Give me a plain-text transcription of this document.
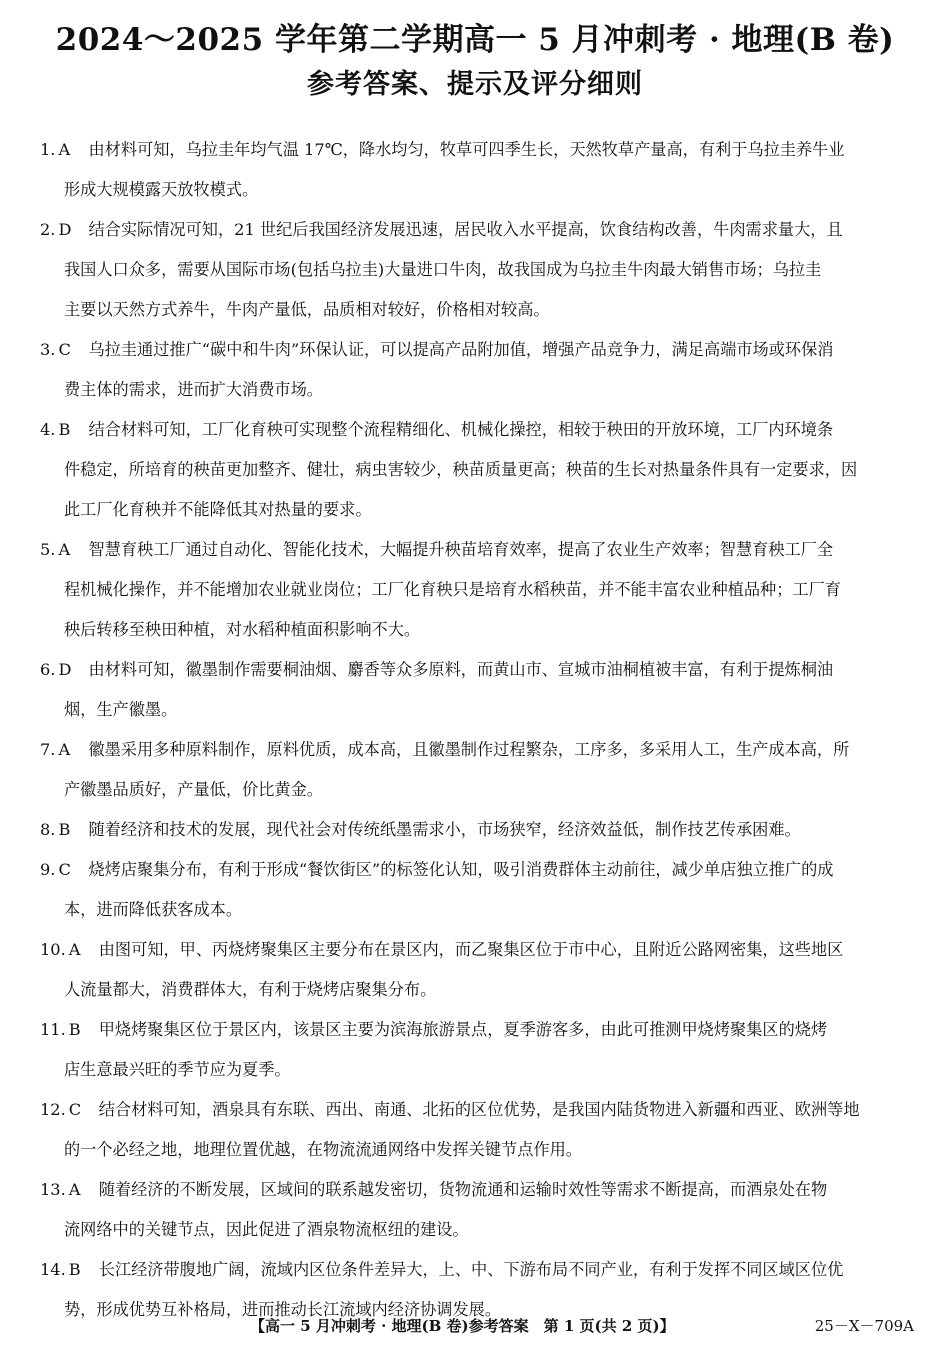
2024～2025 学年第二学期高一 5 月冲刺考 · 地理(B 卷)
参考答案、提示及评分细则
1. A 由材料可知，乌拉圭年均气温 17℃，降水均匀，牧草可四季生长，天然牧草产量高，有利于乌拉圭养牛业
形成大规模露天放牧模式。
2. D 结合实际情况可知，21 世纪后我国经济发展迅速，居民收入水平提高，饮食结构改善，牛肉需求量大，且
我国人口众多，需要从国际市场(包括乌拉圭)大量进口牛肉，故我国成为乌拉圭牛肉最大销售市场；乌拉圭
主要以天然方式养牛，牛肉产量低，品质相对较好，价格相对较高。
3. C 乌拉圭通过推广“碳中和牛肉”环保认证，可以提高产品附加值，增强产品竞争力，满足高端市场或环保消
费主体的需求，进而扩大消费市场。
4. B 结合材料可知，工厂化育秧可实现整个流程精细化、机械化操控，相较于秧田的开放环境，工厂内环境条
件稳定，所培育的秧苗更加整齐、健壮，病虫害较少，秧苗质量更高；秧苗的生长对热量条件具有一定要求，因
此工厂化育秧并不能降低其对热量的要求。
5. A 智慧育秧工厂通过自动化、智能化技术，大幅提升秧苗培育效率，提高了农业生产效率；智慧育秧工厂全
程机械化操作，并不能增加农业就业岗位；工厂化育秧只是培育水稻秧苗，并不能丰富农业种植品种；工厂育
秧后转移至秧田种植，对水稻种植面积影响不大。
6. D 由材料可知，徽墨制作需要桐油烟、麝香等众多原料，而黄山市、宣城市油桐植被丰富，有利于提炼桐油
烟，生产徽墨。
7. A 徽墨采用多种原料制作，原料优质，成本高，且徽墨制作过程繁杂，工序多，多采用人工，生产成本高，所
产徽墨品质好，产量低，价比黄金。
8. B 随着经济和技术的发展，现代社会对传统纸墨需求小，市场狭窄，经济效益低，制作技艺传承困难。
9. C 烧烤店聚集分布，有利于形成“餐饮街区”的标签化认知，吸引消费群体主动前往，减少单店独立推广的成
本，进而降低获客成本。
10. A 由图可知，甲、丙烧烤聚集区主要分布在景区内，而乙聚集区位于市中心，且附近公路网密集，这些地区
人流量都大，消费群体大，有利于烧烤店聚集分布。
11. B 甲烧烤聚集区位于景区内，该景区主要为滨海旅游景点，夏季游客多，由此可推测甲烧烤聚集区的烧烤
店生意最兴旺的季节应为夏季。
12. C 结合材料可知，酒泉具有东联、西出、南通、北拓的区位优势，是我国内陆货物进入新疆和西亚、欧洲等地
的一个必经之地，地理位置优越，在物流流通网络中发挥关键节点作用。
13. A 随着经济的不断发展，区域间的联系越发密切，货物流通和运输时效性等需求不断提高，而酒泉处在物
流网络中的关键节点，因此促进了酒泉物流枢纽的建设。
14. B 长江经济带腹地广阔，流域内区位条件差异大，上、中、下游布局不同产业，有利于发挥不同区域区位优
势，形成优势互补格局，进而推动长江流域内经济协调发展。
【高一 5 月冲刺考 · 地理(B 卷)参考答案　第 1 页(共 2 页)】	25－X－709A
